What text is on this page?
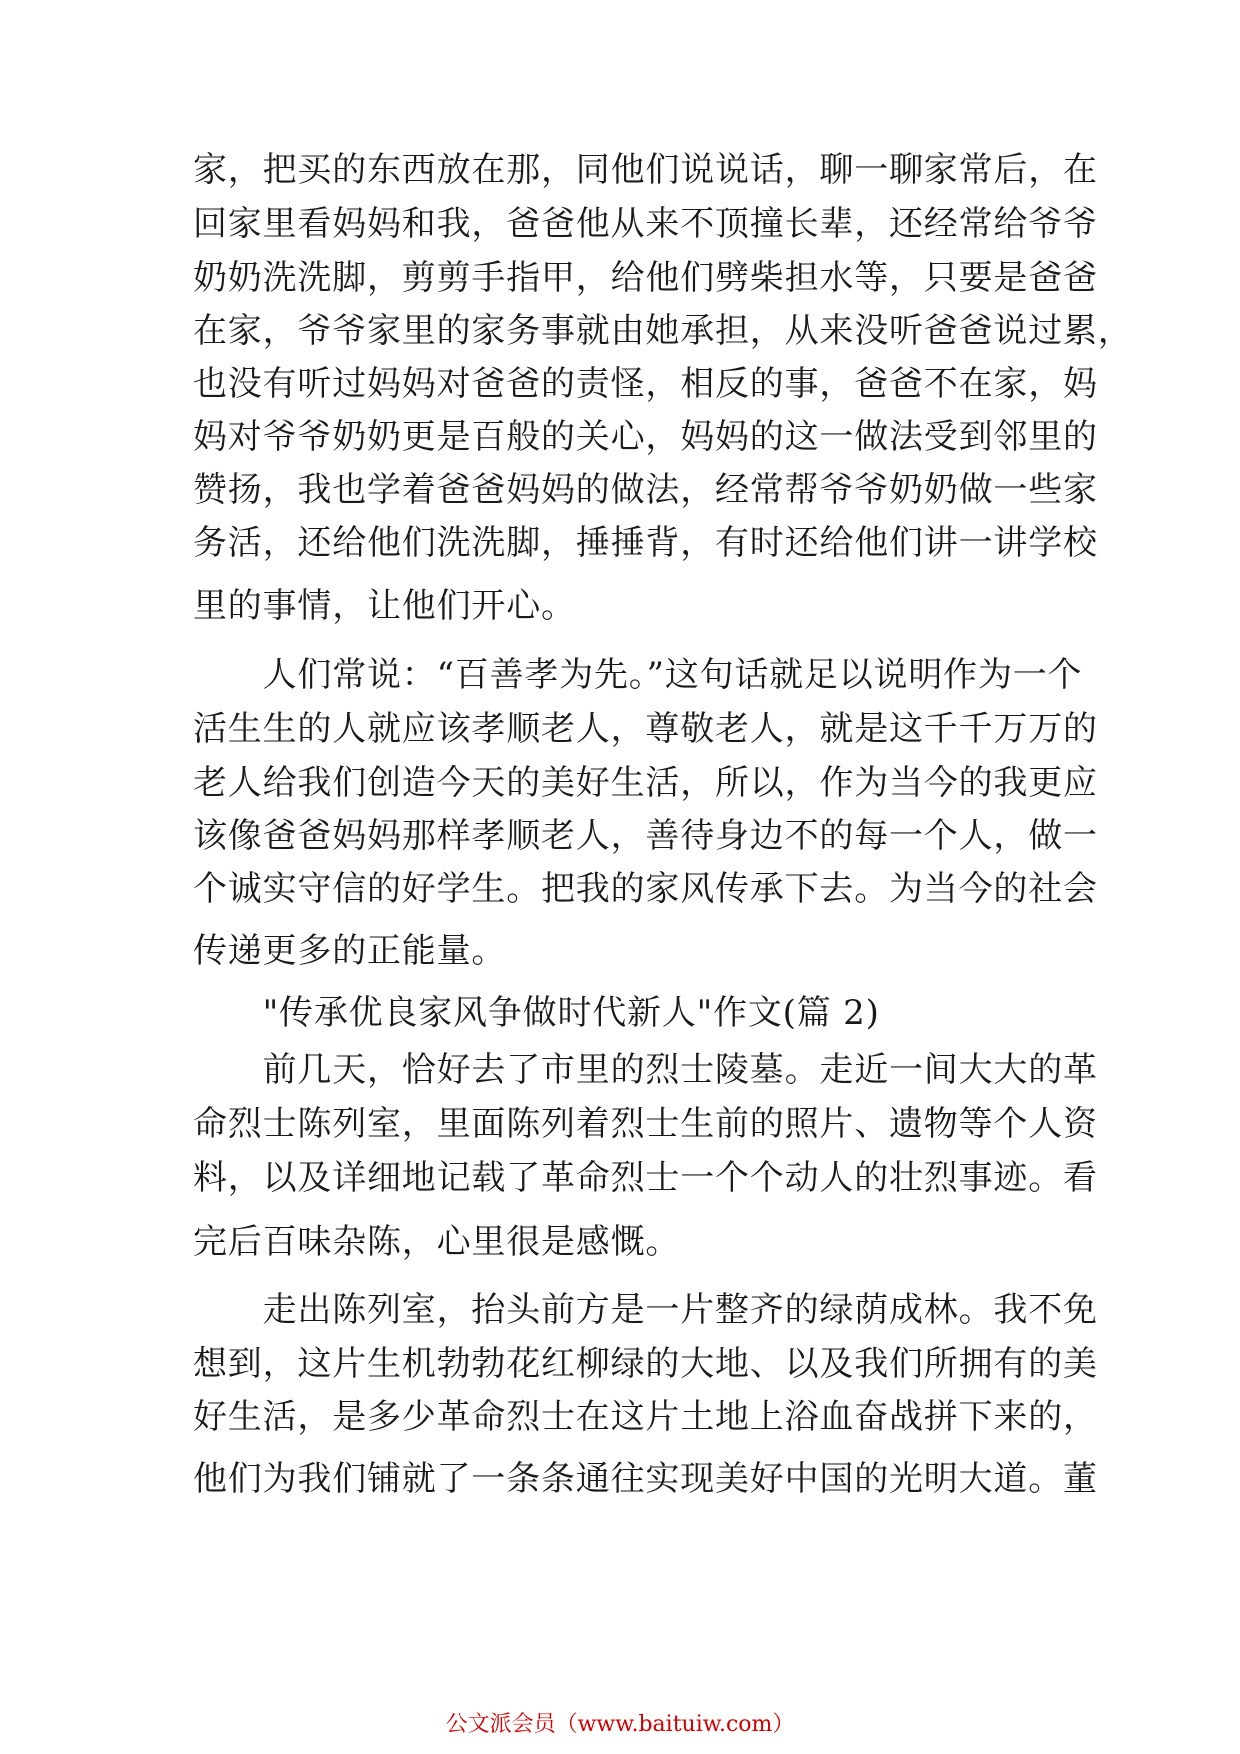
家，把买的东西放在那，同他们说说话，聊一聊家常后，在
回家里看妈妈和我，爸爸他从来不顶撞长辈，还经常给爷爷
奶奶洗洗脚，剪剪手指甲，给他们劈柴担水等，只要是爸爸
在家，爷爷家里的家务事就由她承担，从来没听爸爸说过累，
也没有听过妈妈对爸爸的责怪，相反的事，爸爸不在家，妈
妈对爷爷奶奶更是百般的关心，妈妈的这一做法受到邻里的
赞扬，我也学着爸爸妈妈的做法，经常帮爷爷奶奶做一些家
务活，还给他们洗洗脚，捶捶背，有时还给他们讲一讲学校
里的事情，让他们开心。
　　人们常说：“百善孝为先。”这句话就足以说明作为一个
活生生的人就应该孝顺老人，尊敬老人，就是这千千万万的
老人给我们创造今天的美好生活，所以，作为当今的我更应
该像爸爸妈妈那样孝顺老人，善待身边不的每一个人，做一
个诚实守信的好学生。把我的家风传承下去。为当今的社会
传递更多的正能量。
　　"传承优良家风争做时代新人"作文(篇 2)
　　前几天，恰好去了市里的烈士陵墓。走近一间大大的革
命烈士陈列室，里面陈列着烈士生前的照片、遗物等个人资
料，以及详细地记载了革命烈士一个个动人的壮烈事迹。看
完后百味杂陈，心里很是感慨。
　　走出陈列室，抬头前方是一片整齐的绿荫成林。我不免
想到，这片生机勃勃花红柳绿的大地、以及我们所拥有的美
好生活，是多少革命烈士在这片土地上浴血奋战拼下来的，
他们为我们铺就了一条条通往实现美好中国的光明大道。董
公文派会员（www.baituiw.com）
